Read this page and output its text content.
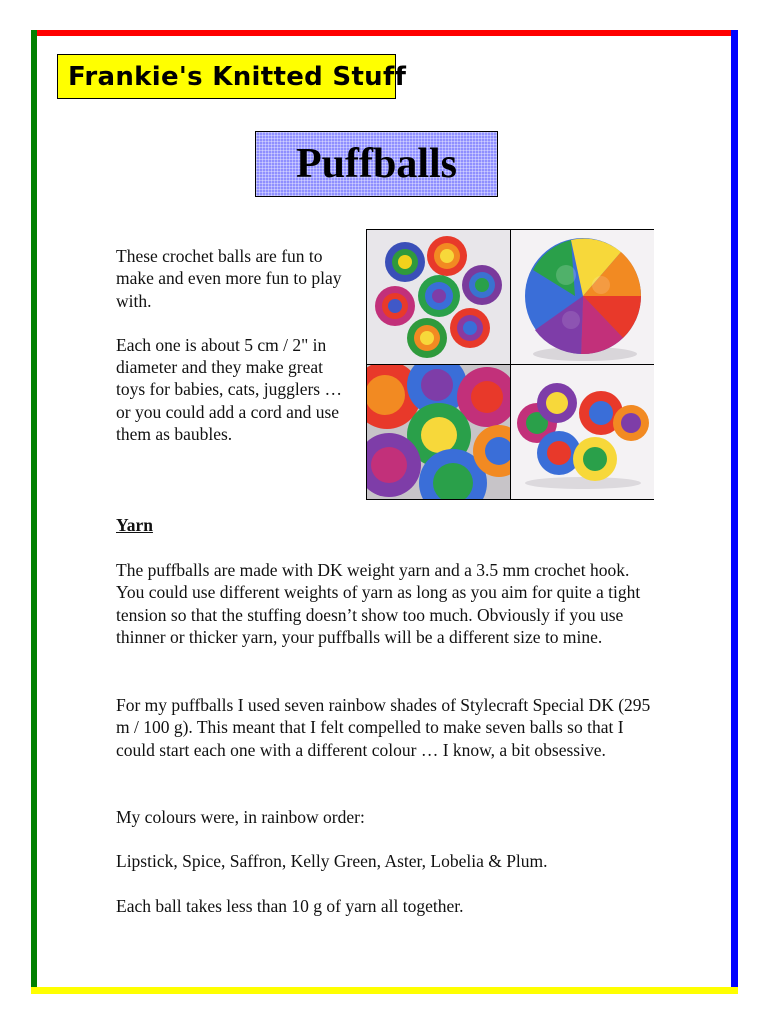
Frankie's Knitted Stuff
Puffballs

These crochet balls are fun to make and even more fun to play with.

Each one is about 5 cm / 2" in diameter and they make great toys for babies, cats, jugglers … or you could add a cord and use them as baubles.

Yarn
The puffballs are made with DK weight yarn and a 3.5 mm crochet hook. You could use different weights of yarn as long as you aim for quite a tight tension so that the stuffing doesn’t show too much. Obviously if you use thinner or thicker yarn, your puffballs will be a different size to mine.
For my puffballs I used seven rainbow shades of Stylecraft Special DK (295 m / 100 g). This meant that I felt compelled to make seven balls so that I could start each one with a different colour … I know, a bit obsessive.
My colours were, in rainbow order:
Lipstick, Spice, Saffron, Kelly Green, Aster, Lobelia & Plum.
Each ball takes less than 10 g of yarn all together.
